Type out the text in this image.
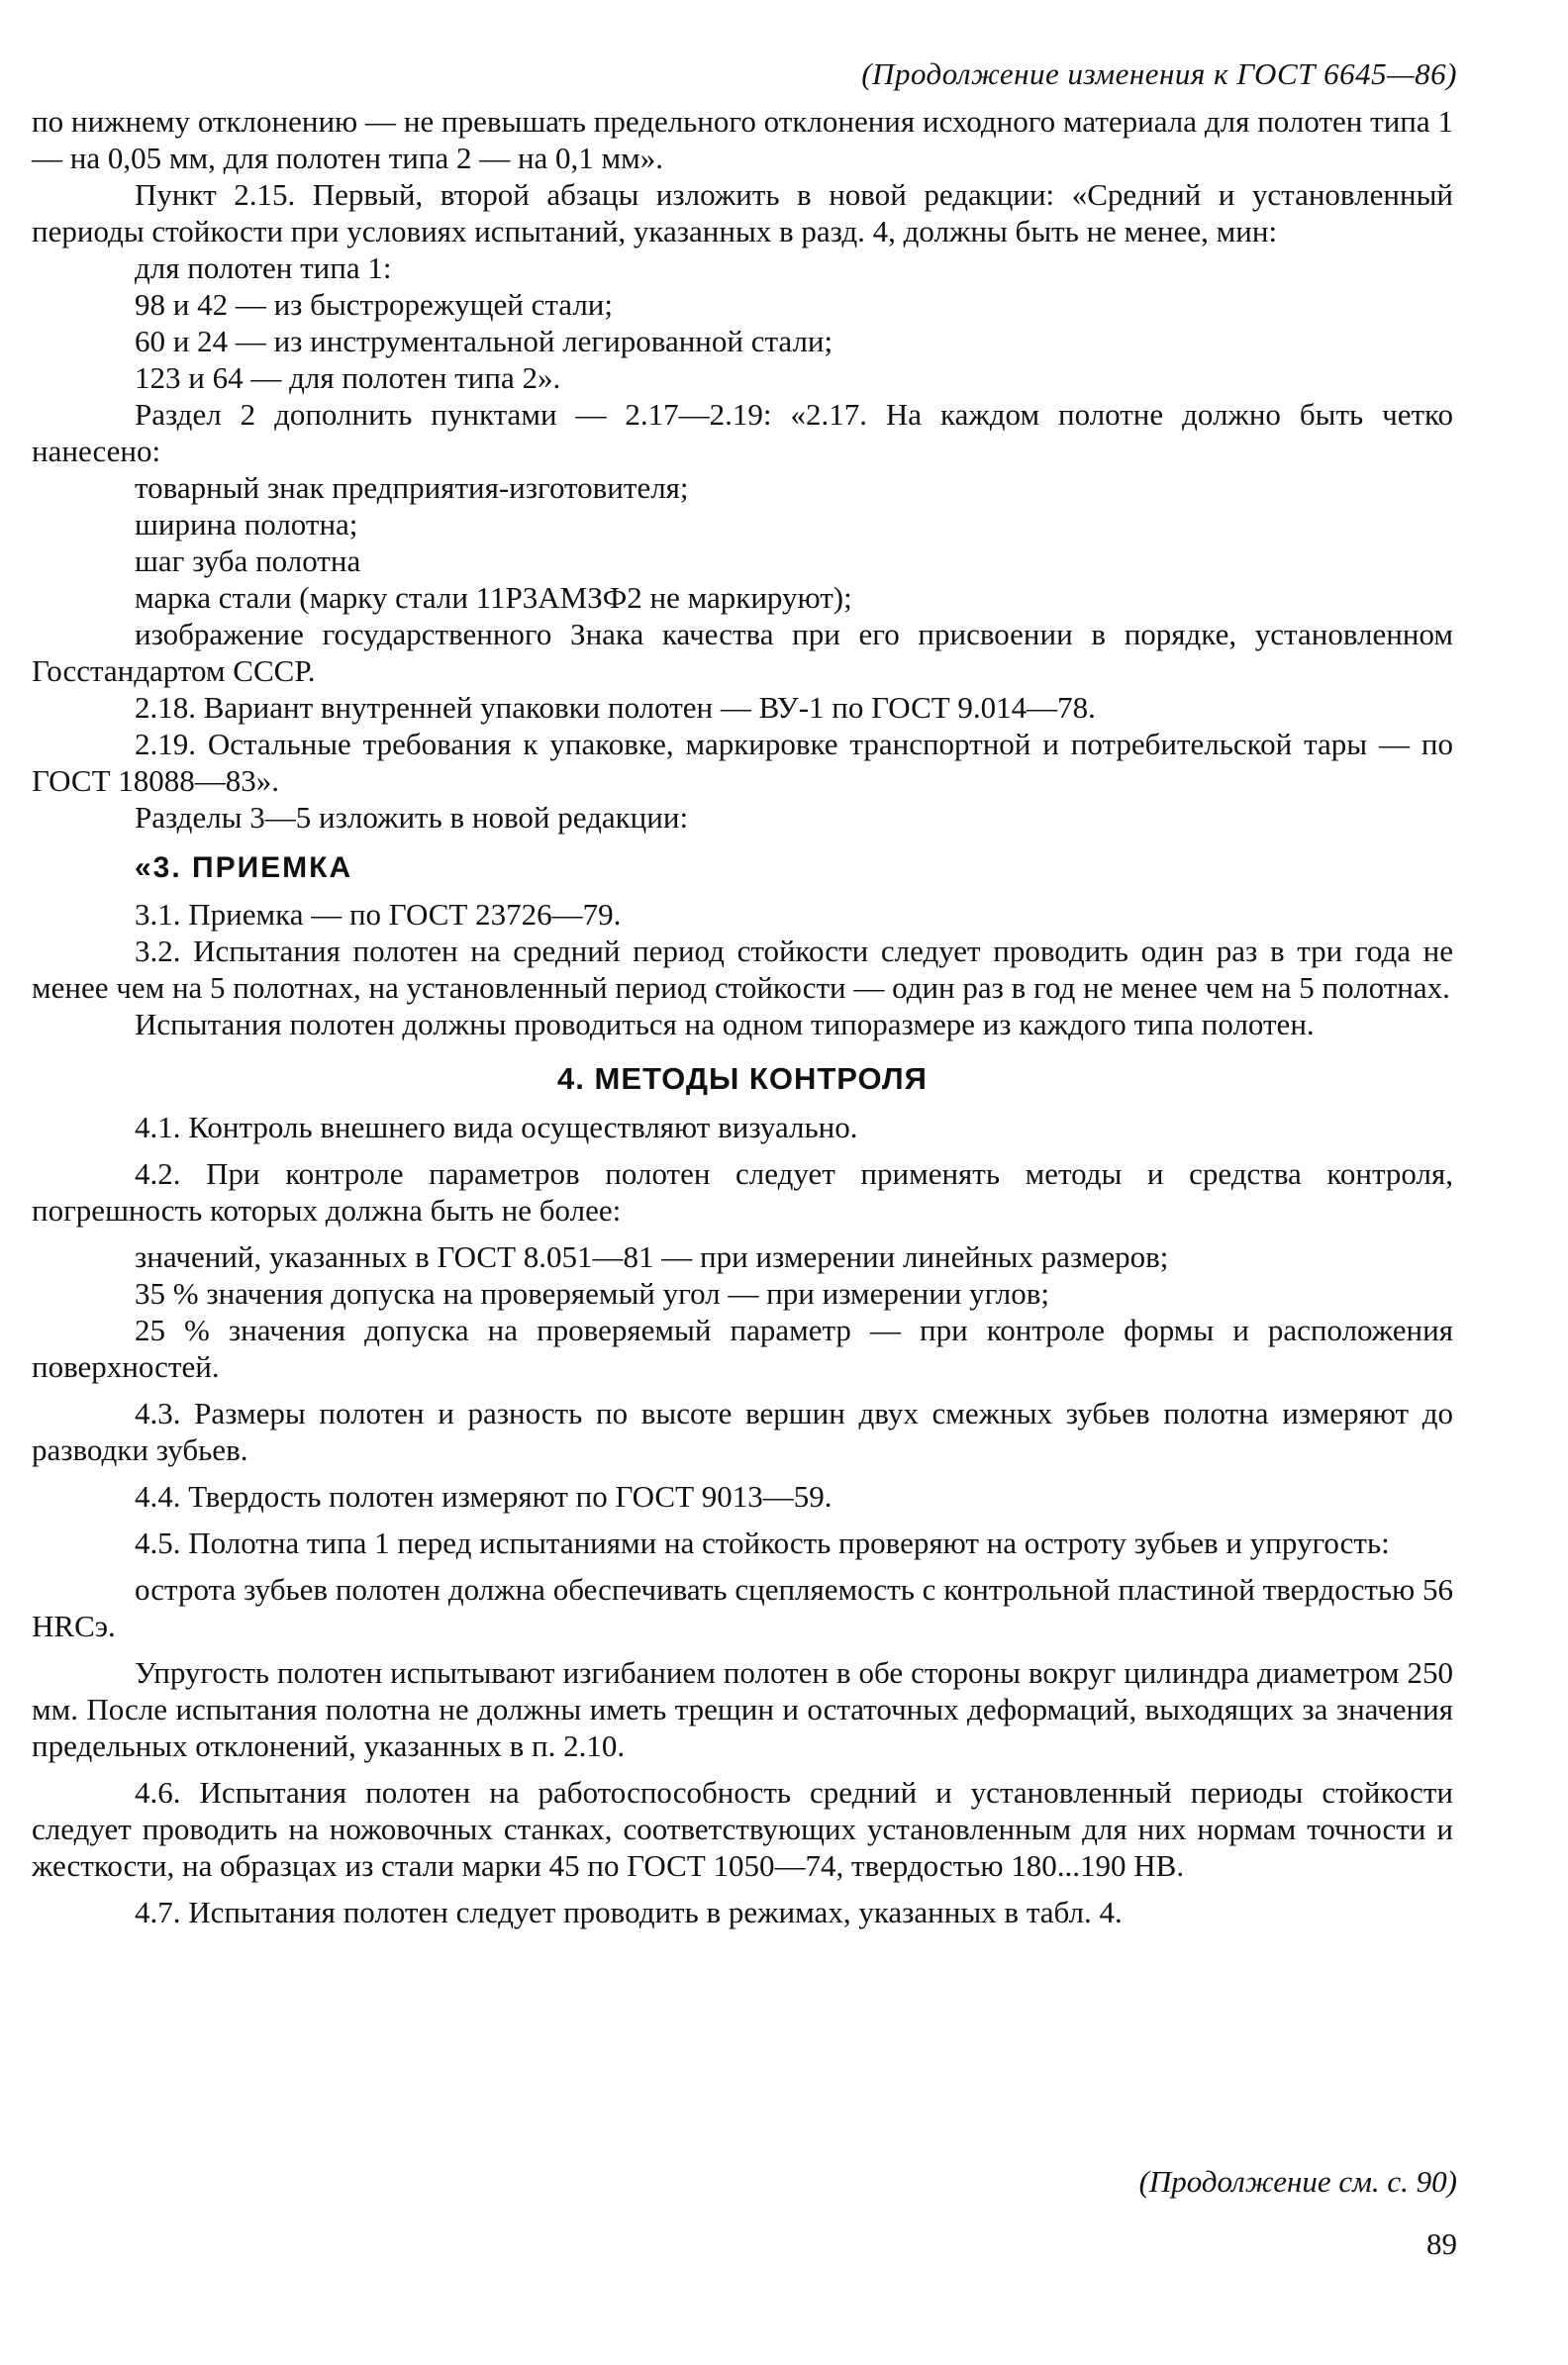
(Продолжение изменения к ГОСТ 6645—86)

по нижнему отклонению — не превышать предельного отклонения исходного материала для полотен типа 1 — на 0,05 мм, для полотен типа 2 — на 0,1 мм».

Пункт 2.15. Первый, второй абзацы изложить в новой редакции: «Средний и установленный периоды стойкости при условиях испытаний, указанных в разд. 4, должны быть не менее, мин:

для полотен типа 1:

98 и 42 — из быстрорежущей стали;

60 и 24 — из инструментальной легированной стали;

123 и 64 — для полотен типа 2».

Раздел 2 дополнить пунктами — 2.17—2.19: «2.17. На каждом полотне должно быть четко нанесено:

товарный знак предприятия-изготовителя;

ширина полотна;

шаг зуба полотна

марка стали (марку стали 11Р3АМЗФ2 не маркируют);

изображение государственного Знака качества при его присвоении в порядке, установленном Госстандартом СССР.

2.18. Вариант внутренней упаковки полотен — ВУ-1 по ГОСТ 9.014—78.

2.19. Остальные требования к упаковке, маркировке транспортной и потребительской тары — по ГОСТ 18088—83».

Разделы 3—5 изложить в новой редакции:

«3. ПРИЕМКА

3.1. Приемка — по ГОСТ 23726—79.

3.2. Испытания полотен на средний период стойкости следует проводить один раз в три года не менее чем на 5 полотнах, на установленный период стойкости — один раз в год не менее чем на 5 полотнах.

Испытания полотен должны проводиться на одном типоразмере из каждого типа полотен.

4. МЕТОДЫ КОНТРОЛЯ

4.1. Контроль внешнего вида осуществляют визуально.

4.2. При контроле параметров полотен следует применять методы и средства контроля, погрешность которых должна быть не более:

значений, указанных в ГОСТ 8.051—81 — при измерении линейных размеров;

35 % значения допуска на проверяемый угол — при измерении углов;

25 % значения допуска на проверяемый параметр — при контроле формы и расположения поверхностей.

4.3. Размеры полотен и разность по высоте вершин двух смежных зубьев полотна измеряют до разводки зубьев.

4.4. Твердость полотен измеряют по ГОСТ 9013—59.

4.5. Полотна типа 1 перед испытаниями на стойкость проверяют на остроту зубьев и упругость:

острота зубьев полотен должна обеспечивать сцепляемость с контрольной пластиной твердостью 56 HRCэ.

Упругость полотен испытывают изгибанием полотен в обе стороны вокруг цилиндра диаметром 250 мм. После испытания полотна не должны иметь трещин и остаточных деформаций, выходящих за значения предельных отклонений, указанных в п. 2.10.

4.6. Испытания полотен на работоспособность средний и установленный периоды стойкости следует проводить на ножовочных станках, соответствующих установленным для них нормам точности и жесткости, на образцах из стали марки 45 по ГОСТ 1050—74, твердостью 180...190 НВ.

4.7. Испытания полотен следует проводить в режимах, указанных в табл. 4.

(Продолжение см. с. 90)
89
